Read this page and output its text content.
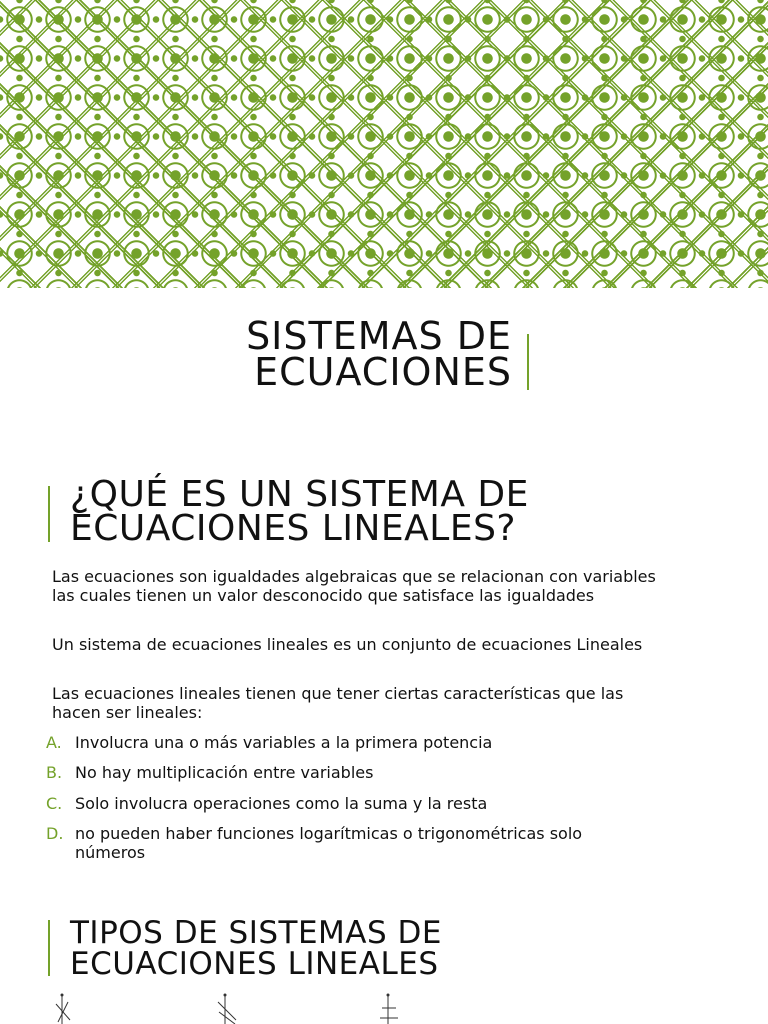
SISTEMAS DE
ECUACIONES
¿QUÉ ES UN SISTEMA DE
ECUACIONES LINEALES?

Las ecuaciones son igualdades algebraicas que se relacionan con variables las cuales tienen un valor desconocido que satisface las igualdades

Un sistema de ecuaciones lineales es un conjunto de ecuaciones Lineales

Las ecuaciones lineales tienen que tener ciertas características que las hacen ser lineales:

A. Involucra una o más variables a la primera potencia
B. No hay multiplicación entre variables
C. Solo involucra operaciones como la suma y la resta
D. no pueden haber funciones logarítmicas o trigonométricas solo números
TIPOS DE SISTEMAS DE
ECUACIONES LINEALES
